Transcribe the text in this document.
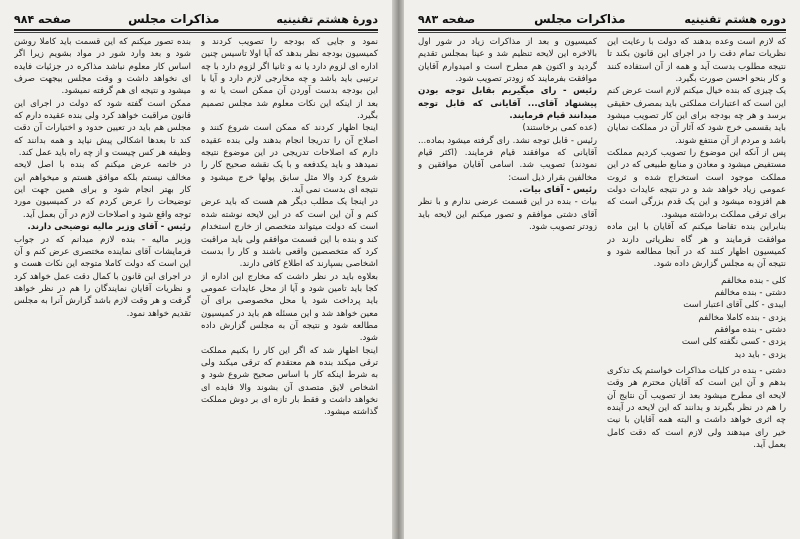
دورهٔ هشتم تقنینیه
مذاکرات مجلس
صفحه ۹۸۴
نمود و جایی که بودجه را تصویب کردند و کمیسیون بودجه نظر بدهد که آیا اولا تاسیس چنین اداره ای لزوم دارد یا نه و ثانیا اگر لزوم دارد با چه ترتیبی باید باشد و چه مخارجی لازم دارد و آیا با این بودجه بدست آوردن آن ممکن است یا نه و بعد از اینکه این نکات معلوم شد مجلس تصمیم بگیرد.
اینجا اظهار کردند که ممکن است شروع کنند و اصلاح آن را تدریجا انجام بدهند ولی بنده عقیده دارم که اصلاحات تدریجی در این موضوع نتیجه نمیدهد و باید یکدفعه و با یک نقشه صحیح کار را شروع کرد والا مثل سابق پولها خرج میشود و نتیجه ای بدست نمی آید.
در اینجا یک مطلب دیگر هم هست که باید عرض کنم و آن این است که در این لایحه نوشته شده است که دولت میتواند متخصص از خارج استخدام کند و بنده با این قسمت موافقم ولی باید مراقبت کرد که متخصصین واقعی باشند و کار را بدست اشخاصی بسپارند که اطلاع کافی دارند.
بعلاوه باید در نظر داشت که مخارج این اداره از کجا باید تامین شود و آیا از محل عایدات عمومی باید پرداخت شود یا محل مخصوصی برای آن معین خواهد شد و این مسئله هم باید در کمیسیون مطالعه شود و نتیجه آن به مجلس گزارش داده شود.
اینجا اظهار شد که اگر این کار را بکنیم مملکت ترقی میکند بنده هم معتقدم که ترقی میکند ولی به شرط اینکه کار با اساس صحیح شروع شود و اشخاص لایق متصدی آن بشوند والا فایده ای نخواهد داشت و فقط بار تازه ای بر دوش مملکت گذاشته میشود.
بنده تصور میکنم که این قسمت باید کاملا روشن شود و بعد وارد شور در مواد بشویم زیرا اگر اساس کار معلوم نباشد مذاکره در جزئیات فایده ای نخواهد داشت و وقت مجلس بیجهت صرف میشود و نتیجه ای هم گرفته نمیشود.
ممکن است گفته شود که دولت در اجرای این قانون مراقبت خواهد کرد ولی بنده عقیده دارم که مجلس هم باید در تعیین حدود و اختیارات آن دقت کند تا بعدها اشکالی پیش نیاید و همه بدانند که وظیفه هر کس چیست و از چه راه باید عمل کند.
در خاتمه عرض میکنم که بنده با اصل لایحه مخالف نیستم بلکه موافق هستم و میخواهم این کار بهتر انجام شود و برای همین جهت این توضیحات را عرض کردم که در کمیسیون مورد توجه واقع شود و اصلاحات لازم در آن بعمل آید.
رئیس - آقای وزیر مالیه توضیحی دارند.
وزیر مالیه - بنده لازم میدانم که در جواب فرمایشات آقای نماینده مختصری عرض کنم و آن این است که دولت کاملا متوجه این نکات هست و در اجرای این قانون با کمال دقت عمل خواهد کرد و نظریات آقایان نمایندگان را هم در نظر خواهد گرفت و هر وقت لازم باشد گزارش آنرا به مجلس تقدیم خواهد نمود.
دوره هشتم تقنینیه
مذاکرات مجلس
صفحه ۹۸۳
که لازم است وعده بدهند که دولت با رعایت این نظریات تمام دقت را در اجرای این قانون بکند تا نتیجه مطلوب بدست آید و همه از آن استفاده کنند و کار بنحو احسن صورت بگیرد.
یک چیزی که بنده خیال میکنم لازم است عرض کنم این است که اعتبارات مملکتی باید بمصرف حقیقی برسد و هر چه بودجه برای این کار تصویب میشود باید بقسمی خرج شود که آثار آن در مملکت نمایان باشد و مردم از آن منتفع شوند.
پس از آنکه این موضوع را تصویب کردیم مملکت مستفیض میشود و معادن و منابع طبیعی که در این مملکت موجود است استخراج شده و ثروت عمومی زیاد خواهد شد و در نتیجه عایدات دولت هم افزوده میشود و این یک قدم بزرگی است که برای ترقی مملکت برداشته میشود.
بنابراین بنده تقاضا میکنم که آقایان با این ماده موافقت فرمایند و هر گاه نظریاتی دارند در کمیسیون اظهار کنند که در آنجا مطالعه شود و نتیجه آن به مجلس گزارش داده شود.
کلی - بنده مخالفم
دشتی - بنده مخالفم
ایبدی - کلی آقای اعتبار است
یزدی - بنده کاملا مخالفم
دشتی - بنده موافقم
یزدی - کسی نگفته کلی است
یزدی - باید دید
دشتی - بنده در کلیات مذاکرات خواستم یک تذکری بدهم و آن این است که آقایان محترم هر وقت لایحه ای مطرح میشود بعد از تصویب آن نتایج آن را هم در نظر بگیرند و بدانند که این لایحه در آینده چه اثری خواهد داشت و البته همه آقایان با نیت خیر رای میدهند ولی لازم است که دقت کامل بعمل آید.
کمیسیون و بعد از مذاکرات زیاد در شور اول بالاخره این لایحه تنظیم شد و عینا بمجلس تقدیم گردید و اکنون هم مطرح است و امیدوارم آقایان موافقت بفرمایند که زودتر تصویب شود.
رئیس - رای میگیریم بقابل توجه بودن پیشنهاد آقای... آقایانی که قابل توجه میدانند قیام فرمایند.
(عده کمی برخاستند)
رئیس - قابل توجه نشد. رای گرفته میشود بماده... آقایانی که موافقند قیام فرمایند. (اکثر قیام نمودند) تصویب شد. اسامی آقایان موافقین و مخالفین بقرار ذیل است:
رئیس - آقای بیات.
بیات - بنده در این قسمت عرضی ندارم و با نظر آقای دشتی موافقم و تصور میکنم این لایحه باید زودتر تصویب شود.
